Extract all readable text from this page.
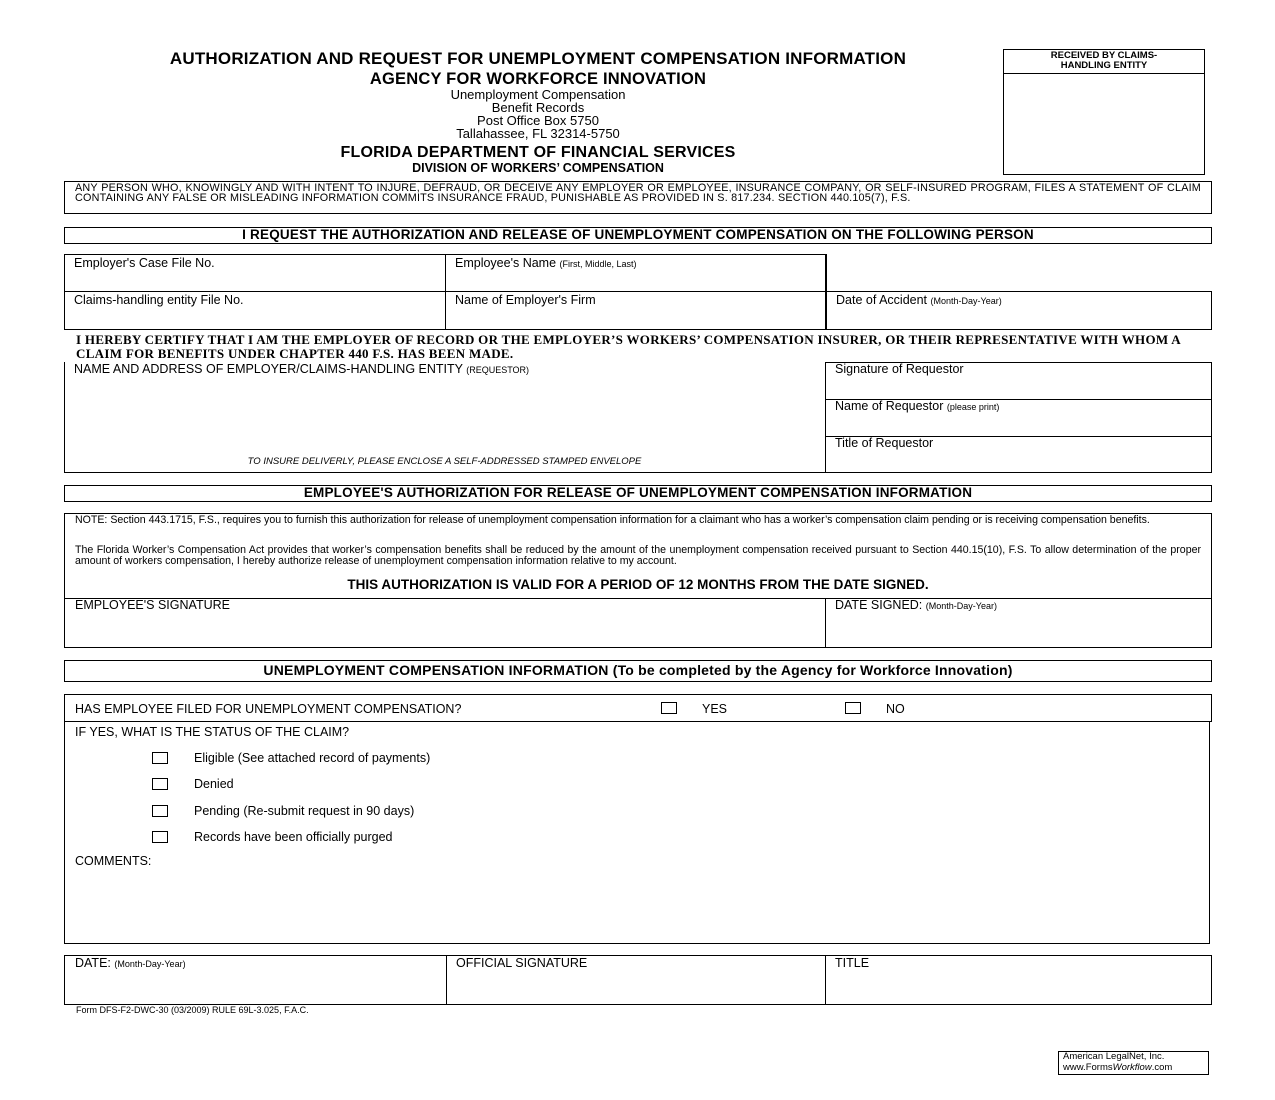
AUTHORIZATION AND REQUEST FOR UNEMPLOYMENT COMPENSATION INFORMATION
AGENCY FOR WORKFORCE INNOVATION
Unemployment Compensation
Benefit Records
Post Office Box 5750
Tallahassee, FL 32314-5750
FLORIDA DEPARTMENT OF FINANCIAL SERVICES
DIVISION OF WORKERS’ COMPENSATION
RECEIVED BY CLAIMS-HANDLING ENTITY
ANY PERSON WHO, KNOWINGLY AND WITH INTENT TO INJURE, DEFRAUD, OR DECEIVE ANY EMPLOYER OR EMPLOYEE, INSURANCE COMPANY, OR SELF-INSURED PROGRAM, FILES A STATEMENT OF CLAIM CONTAINING ANY FALSE OR MISLEADING INFORMATION COMMITS INSURANCE FRAUD, PUNISHABLE AS PROVIDED IN S. 817.234. SECTION 440.105(7), F.S.
I REQUEST THE AUTHORIZATION AND RELEASE OF UNEMPLOYMENT COMPENSATION ON THE FOLLOWING PERSON
Employer's Case File No.	Employee's Name (First, Middle, Last)
Claims-handling entity File No.	Name of Employer's Firm	Date of Accident (Month-Day-Year)
I HEREBY CERTIFY THAT I AM THE EMPLOYER OF RECORD OR THE EMPLOYER’S WORKERS’ COMPENSATION INSURER, OR THEIR REPRESENTATIVE WITH WHOM A CLAIM FOR BENEFITS UNDER CHAPTER 440 F.S. HAS BEEN MADE.
NAME AND ADDRESS OF EMPLOYER/CLAIMS-HANDLING ENTITY (REQUESTOR)
TO INSURE DELIVERLY, PLEASE ENCLOSE A SELF-ADDRESSED STAMPED ENVELOPE
Signature of Requestor
Name of Requestor (please print)
Title of Requestor
EMPLOYEE'S AUTHORIZATION FOR RELEASE OF UNEMPLOYMENT COMPENSATION INFORMATION
NOTE: Section 443.1715, F.S., requires you to furnish this authorization for release of unemployment compensation information for a claimant who has a worker’s compensation claim pending or is receiving compensation benefits.
The Florida Worker’s Compensation Act provides that worker’s compensation benefits shall be reduced by the amount of the unemployment compensation received pursuant to Section 440.15(10), F.S. To allow determination of the proper amount of workers compensation, I hereby authorize release of unemployment compensation information relative to my account.
THIS AUTHORIZATION IS VALID FOR A PERIOD OF 12 MONTHS FROM THE DATE SIGNED.
EMPLOYEE'S SIGNATURE	DATE SIGNED: (Month-Day-Year)
UNEMPLOYMENT COMPENSATION INFORMATION (To be completed by the Agency for Workforce Innovation)
HAS EMPLOYEE FILED FOR UNEMPLOYMENT COMPENSATION?	YES	NO
IF YES, WHAT IS THE STATUS OF THE CLAIM?
Eligible (See attached record of payments)
Denied
Pending (Re-submit request in 90 days)
Records have been officially purged
COMMENTS:
DATE: (Month-Day-Year)	OFFICIAL SIGNATURE	TITLE
Form DFS-F2-DWC-30 (03/2009) RULE 69L-3.025, F.A.C.
American LegalNet, Inc.
www.FormsWorkflow.com
